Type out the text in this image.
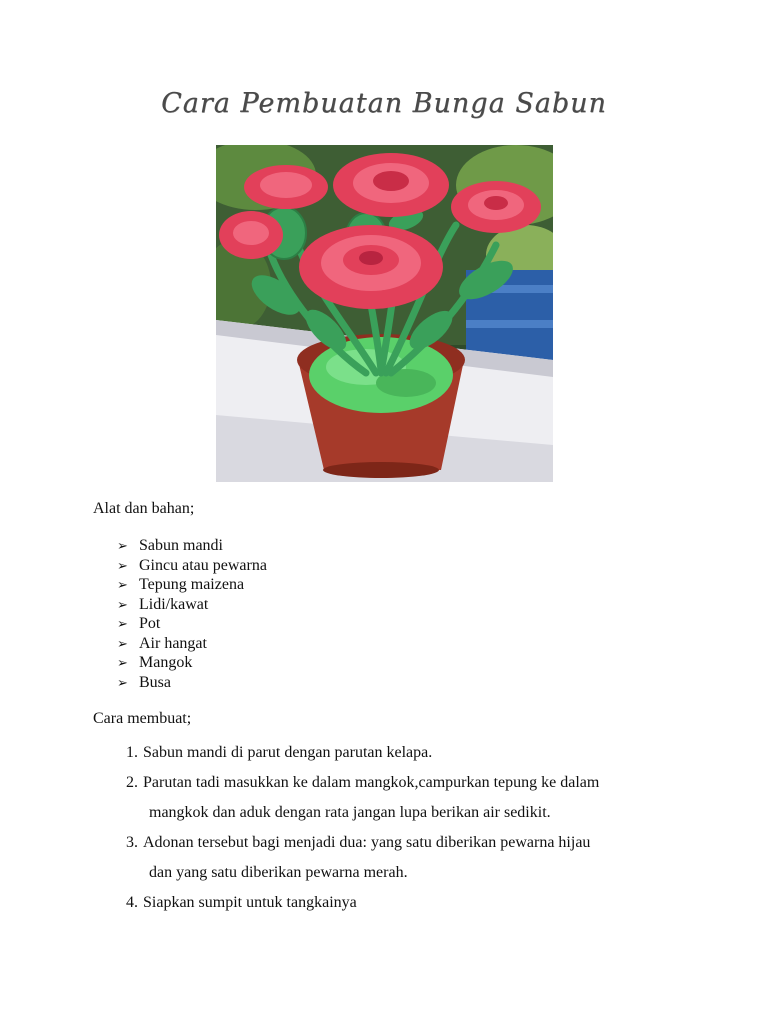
Cara Pembuatan Bunga Sabun

Alat dan bahan;

➢ Sabun mandi
➢ Gincu atau pewarna
➢ Tepung maizena
➢ Lidi/kawat
➢ Pot
➢ Air hangat
➢ Mangok
➢ Busa

Cara membuat;

1. Sabun mandi di parut dengan parutan kelapa.
2. Parutan tadi masukkan ke dalam mangkok,campurkan tepung ke dalam
mangkok dan aduk dengan rata jangan lupa berikan air sedikit.
3. Adonan tersebut bagi menjadi dua: yang satu diberikan pewarna hijau
dan yang satu diberikan pewarna merah.
4. Siapkan sumpit untuk tangkainya
